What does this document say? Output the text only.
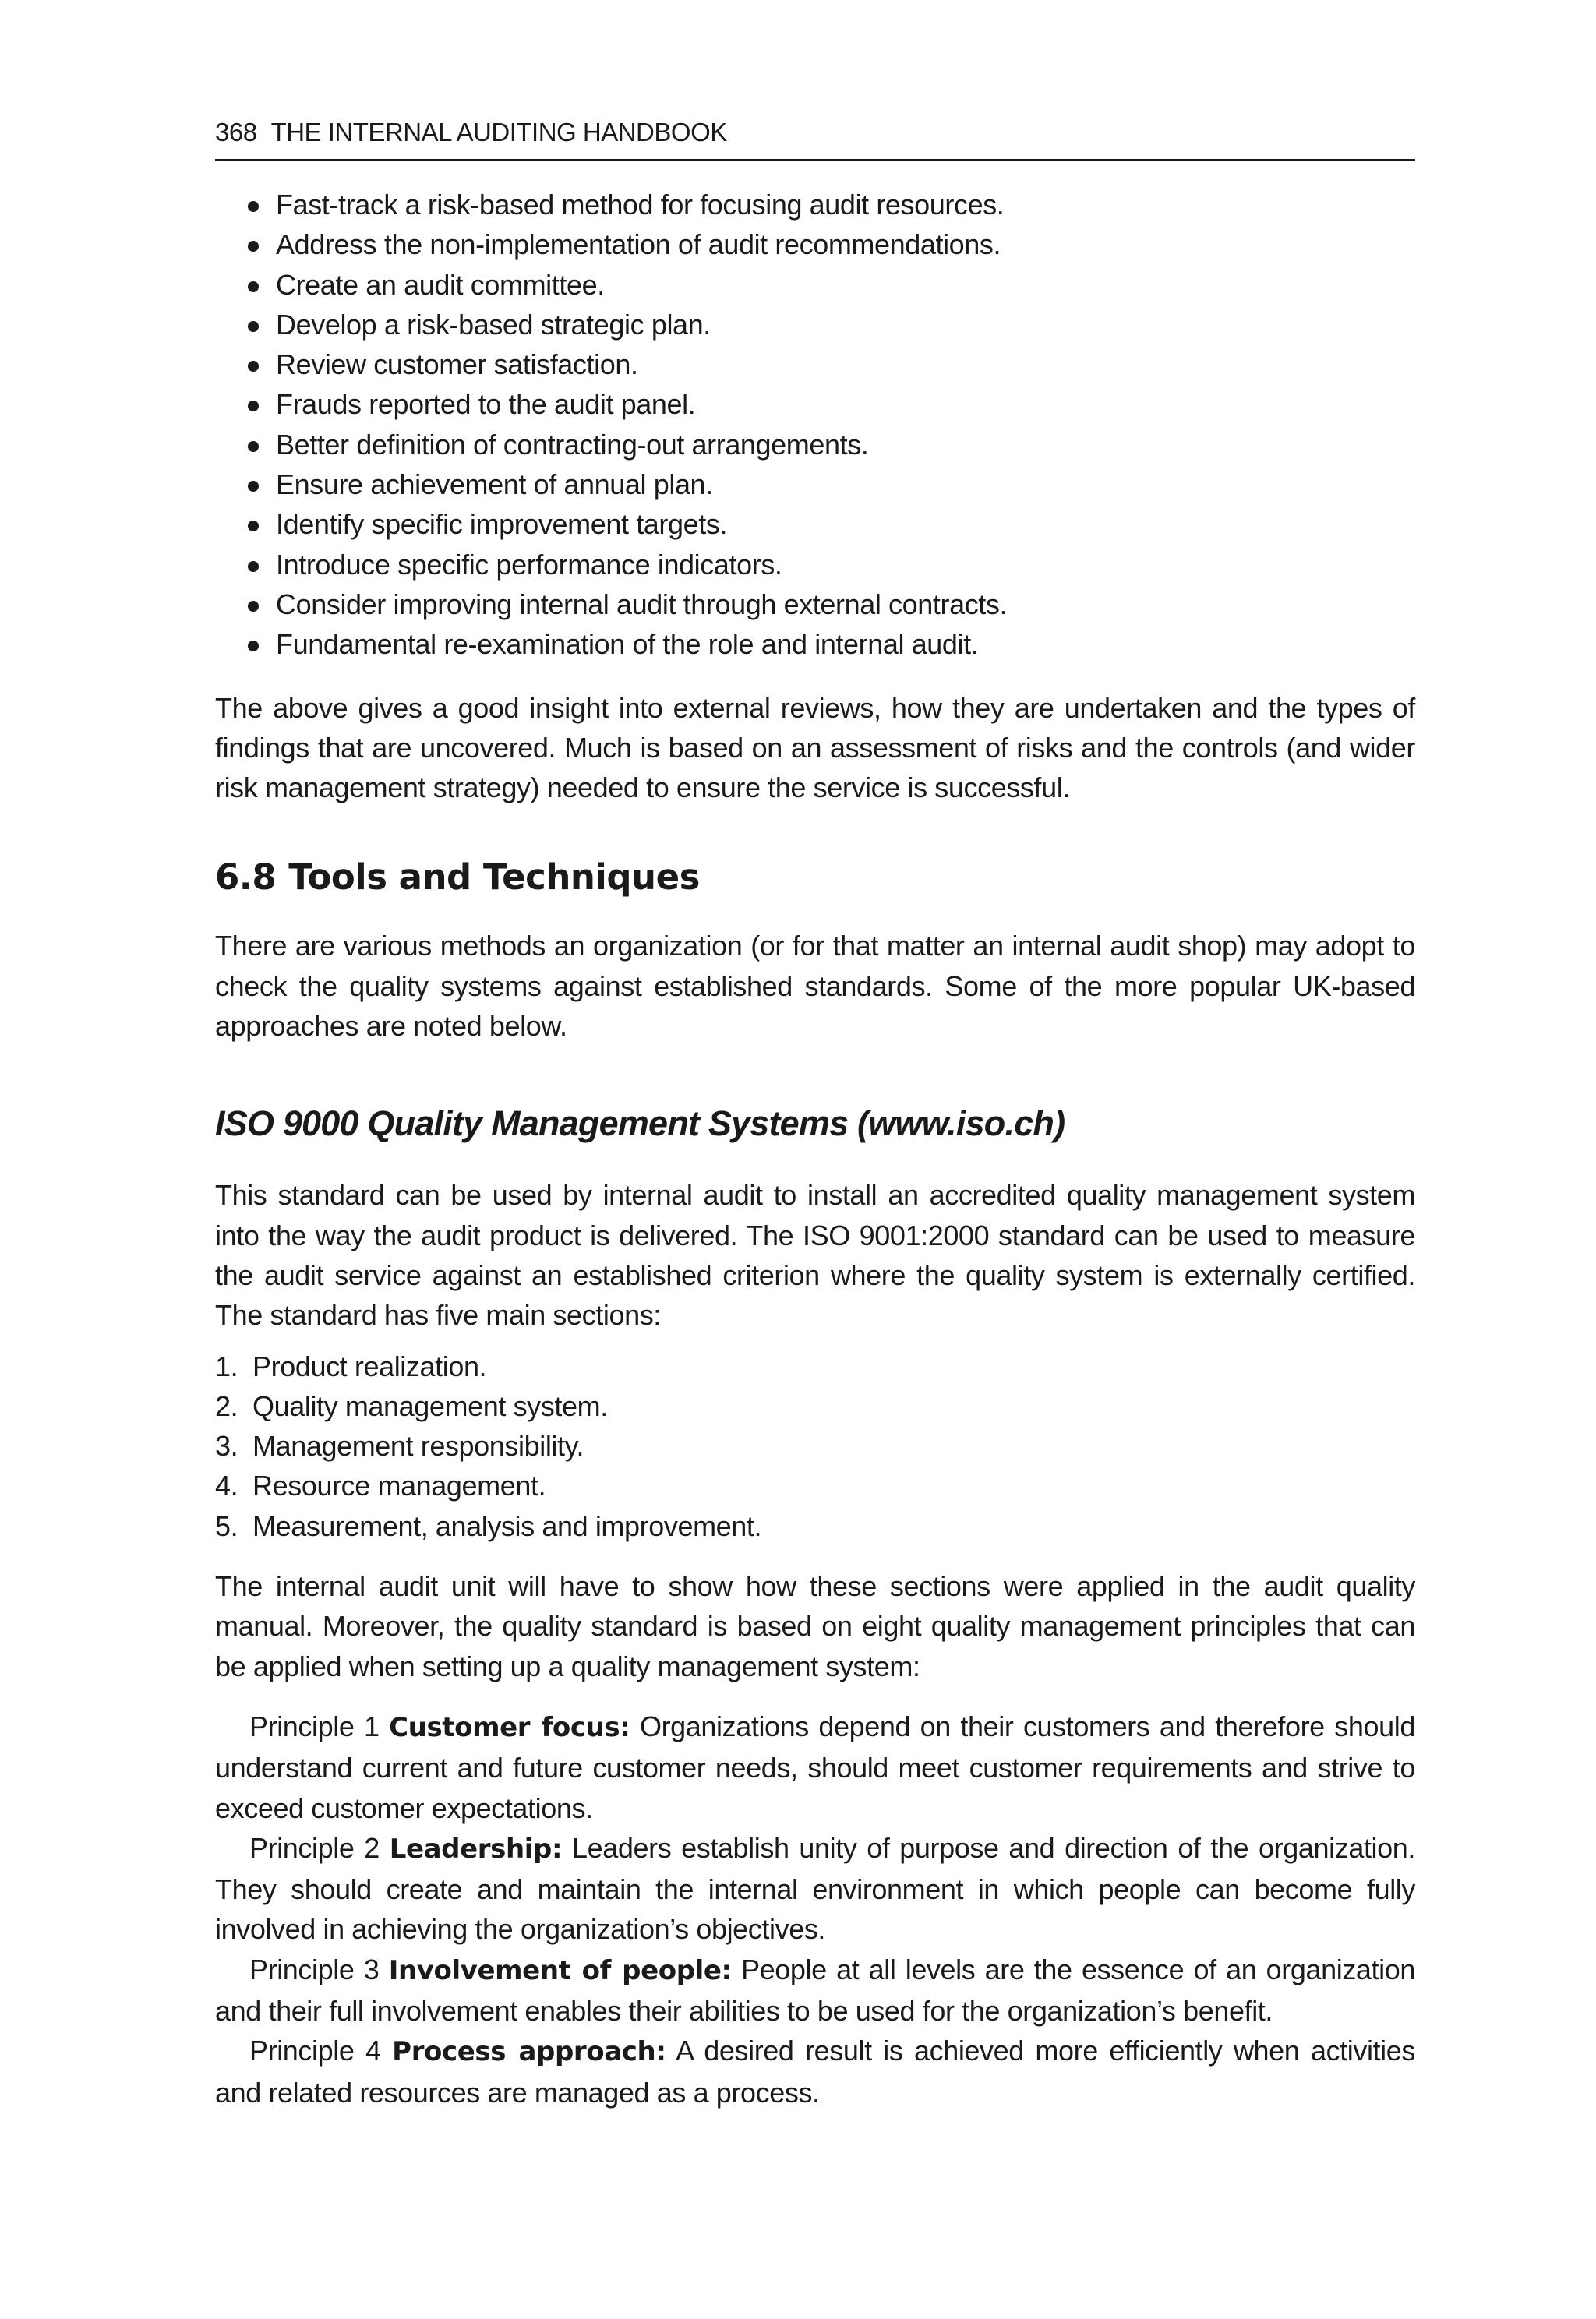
368 THE INTERNAL AUDITING HANDBOOK
Fast-track a risk-based method for focusing audit resources.
Address the non-implementation of audit recommendations.
Create an audit committee.
Develop a risk-based strategic plan.
Review customer satisfaction.
Frauds reported to the audit panel.
Better definition of contracting-out arrangements.
Ensure achievement of annual plan.
Identify specific improvement targets.
Introduce specific performance indicators.
Consider improving internal audit through external contracts.
Fundamental re-examination of the role and internal audit.

The above gives a good insight into external reviews, how they are undertaken and the types of findings that are uncovered. Much is based on an assessment of risks and the controls (and wider risk management strategy) needed to ensure the service is successful.

6.8 Tools and Techniques

There are various methods an organization (or for that matter an internal audit shop) may adopt to check the quality systems against established standards. Some of the more popular UK-based approaches are noted below.

ISO 9000 Quality Management Systems (www.iso.ch)

This standard can be used by internal audit to install an accredited quality management system into the way the audit product is delivered. The ISO 9001:2000 standard can be used to measure the audit service against an established criterion where the quality system is externally certified. The standard has five main sections:

1. Product realization.
2. Quality management system.
3. Management responsibility.
4. Resource management.
5. Measurement, analysis and improvement.

The internal audit unit will have to show how these sections were applied in the audit quality manual. Moreover, the quality standard is based on eight quality management principles that can be applied when setting up a quality management system:

Principle 1 Customer focus: Organizations depend on their customers and therefore should understand current and future customer needs, should meet customer requirements and strive to exceed customer expectations.

Principle 2 Leadership: Leaders establish unity of purpose and direction of the organization. They should create and maintain the internal environment in which people can become fully involved in achieving the organization’s objectives.

Principle 3 Involvement of people: People at all levels are the essence of an organization and their full involvement enables their abilities to be used for the organization’s benefit.

Principle 4 Process approach: A desired result is achieved more efficiently when activities and related resources are managed as a process.
